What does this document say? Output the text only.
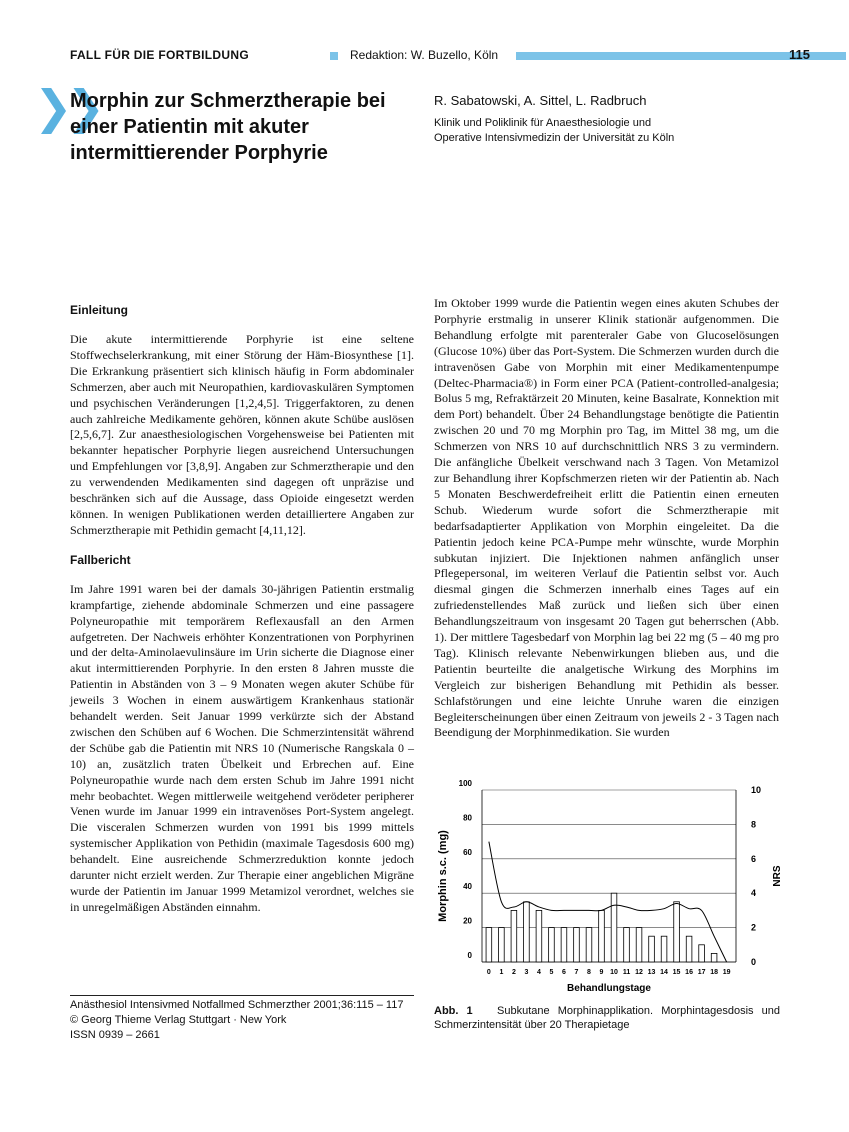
FALL FÜR DIE FORTBILDUNG	Redaktion: W. Buzello, Köln	115
❯❯
Morphin zur Schmerztherapie bei einer Patientin mit akuter intermittierender Porphyrie
R. Sabatowski, A. Sittel, L. Radbruch
Klinik und Poliklinik für Anaesthesiologie und
Operative Intensivmedizin der Universität zu Köln
Einleitung

Die akute intermittierende Porphyrie ist eine seltene Stoffwechselerkrankung, mit einer Störung der Häm-Biosynthese [1]. Die Erkrankung präsentiert sich klinisch häufig in Form abdominaler Schmerzen, aber auch mit Neuropathien, kardiovaskulären Symptomen und psychischen Veränderungen [1,2,4,5]. Triggerfaktoren, zu denen auch zahlreiche Medikamente gehören, können akute Schübe auslösen [2,5,6,7]. Zur anaesthesiologischen Vorgehensweise bei Patienten mit bekannter hepatischer Porphyrie liegen ausreichend Untersuchungen und Empfehlungen vor [3,8,9]. Angaben zur Schmerztherapie und den zu verwendenden Medikamenten sind dagegen oft unpräzise und beschränken sich auf die Aussage, dass Opioide eingesetzt werden können. In wenigen Publikationen werden detailliertere Angaben zur Schmerztherapie mit Pethidin gemacht [4,11,12].

Fallbericht

Im Jahre 1991 waren bei der damals 30-jährigen Patientin erstmalig krampfartige, ziehende abdominale Schmerzen und eine passagere Polyneuropathie mit temporärem Reflexausfall an den Armen aufgetreten. Der Nachweis erhöhter Konzentrationen von Porphyrinen und der delta-Aminolaevulinsäure im Urin sicherte die Diagnose einer akut intermittierenden Porphyrie. In den ersten 8 Jahren musste die Patientin in Abständen von 3 – 9 Monaten wegen akuter Schübe für jeweils 3 Wochen in einem auswärtigem Krankenhaus stationär behandelt werden. Seit Januar 1999 verkürzte sich der Abstand zwischen den Schüben auf 6 Wochen. Die Schmerzintensität während der Schübe gab die Patientin mit NRS 10 (Numerische Rangskala 0 – 10) an, zusätzlich traten Übelkeit und Erbrechen auf. Eine Polyneuropathie wurde nach dem ersten Schub im Jahre 1991 nicht mehr beobachtet. Wegen mittlerweile weitgehend verödeter peripherer Venen wurde im Januar 1999 ein intravenöses Port-System angelegt. Die visceralen Schmerzen wurden von 1991 bis 1999 mittels systemischer Applikation von Pethidin (maximale Tagesdosis 600 mg) behandelt. Eine ausreichende Schmerzreduktion konnte jedoch darunter nicht erzielt werden. Zur Therapie einer angeblichen Migräne wurde der Patientin im Januar 1999 Metamizol verordnet, welches sie in unregelmäßigen Abständen einnahm.

Im Oktober 1999 wurde die Patientin wegen eines akuten Schubes der Porphyrie erstmalig in unserer Klinik stationär aufgenommen. Die Behandlung erfolgte mit parenteraler Gabe von Glucoselösungen (Glucose 10%) über das Port-System. Die Schmerzen wurden durch die intravenösen Gabe von Morphin mit einer Medikamentenpumpe (Deltec-Pharmacia®) in Form einer PCA (Patient-controlled-analgesia; Bolus 5 mg, Refraktärzeit 20 Minuten, keine Basalrate, Konnektion mit dem Port) behandelt. Über 24 Behandlungstage benötigte die Patientin zwischen 20 und 70 mg Morphin pro Tag, im Mittel 38 mg, um die Schmerzen von NRS 10 auf durchschnittlich NRS 3 zu vermindern. Die anfängliche Übelkeit verschwand nach 3 Tagen. Von Metamizol zur Behandlung ihrer Kopfschmerzen rieten wir der Patientin ab. Nach 5 Monaten Beschwerdefreiheit erlitt die Patientin einen erneuten Schub. Wiederum wurde sofort die Schmerztherapie mit bedarfsadaptierter Applikation von Morphin eingeleitet. Da die Patientin jedoch keine PCA-Pumpe mehr wünschte, wurde Morphin subkutan injiziert. Die Injektionen nahmen anfänglich unser Pflegepersonal, im weiteren Verlauf die Patientin selbst vor. Auch diesmal gingen die Schmerzen innerhalb eines Tages auf ein zufriedenstellendes Maß zurück und ließen sich über einen Behandlungszeitraum von insgesamt 20 Tagen gut beherrschen (Abb. 1). Der mittlere Tagesbedarf von Morphin lag bei 22 mg (5 – 40 mg pro Tag). Klinisch relevante Nebenwirkungen blieben aus, und die Patientin beurteilte die analgetische Wirkung des Morphins im Vergleich zur bisherigen Behandlung mit Pethidin als besser. Schlafstörungen und eine leichte Unruhe waren die einzigen Begleiterscheinungen über einen Zeitraum von jeweils 2 - 3 Tagen nach Beendigung der Morphinmedikation. Sie wurden

Anästhesiol Intensivmed Notfallmed Schmerzther 2001;36:115 – 117
© Georg Thieme Verlag Stuttgart · New York
ISSN 0939 – 2661
0
20
40
60
80
100
0
2
4
6
8
10
0 1 2 3 4 5 6 7 8 9 10 11 12 13 14 15 16 17 18 19
Morphin s.c. (mg)	NRS
Behandlungstage
Abb. 1 Subkutane Morphinapplikation. Morphintagesdosis und Schmerzintensität über 20 Therapietage
